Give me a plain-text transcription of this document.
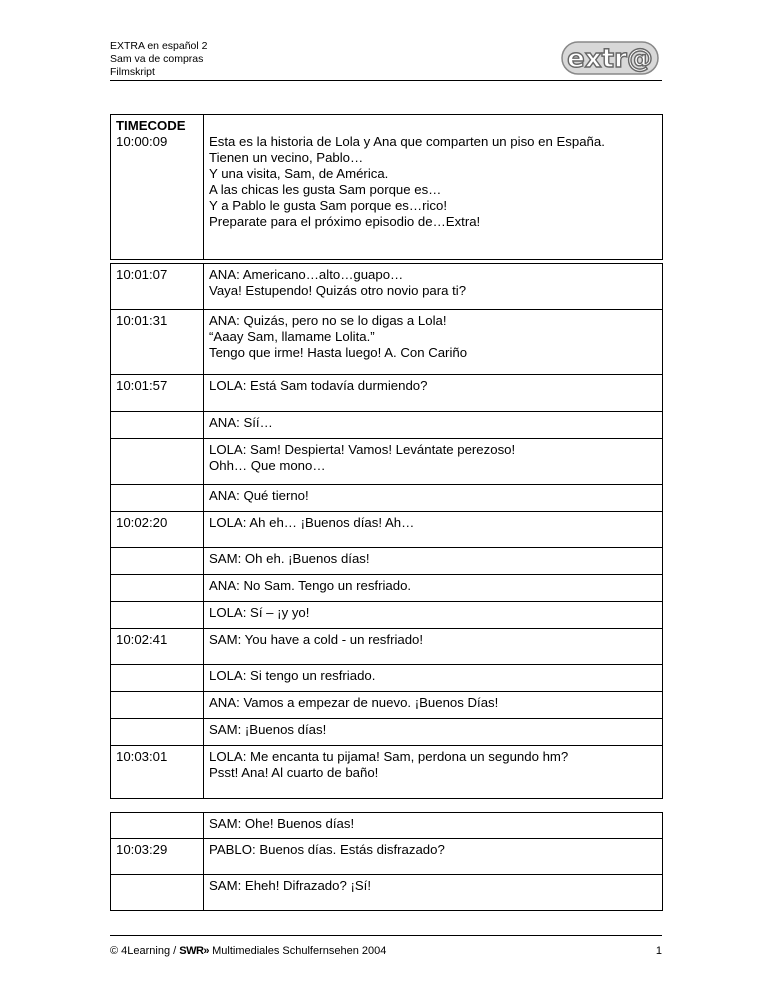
EXTRA en español 2
Sam va de compras
Filmskript	extr@
TIMECODE
10:00:09	Esta es la historia de Lola y Ana que comparten un piso en España.
Tienen un vecino, Pablo…
Y una visita, Sam, de América.
A las chicas les gusta Sam porque es…
Y a Pablo le gusta Sam porque es…rico!
Preparate para el próximo episodio de…Extra!
10:01:07	ANA: Americano…alto…guapo…
Vaya! Estupendo! Quizás otro novio para ti?

10:01:31	ANA: Quizás, pero no se lo digas a Lola!
“Aaay Sam, llamame Lolita.”
Tengo que irme! Hasta luego! A. Con Cariño

10:01:57	LOLA: Está Sam todavía durmiendo?

	ANA: Síí…

	LOLA: Sam! Despierta! Vamos! Levántate perezoso!
Ohh… Que mono…

	ANA: Qué tierno!

10:02:20	LOLA: Ah eh… ¡Buenos días! Ah…

	SAM: Oh eh. ¡Buenos días!

	ANA: No Sam. Tengo un resfriado.

	LOLA: Sí – ¡y yo!

10:02:41	SAM: You have a cold - un resfriado!

	LOLA: Si tengo un resfriado.

	ANA: Vamos a empezar de nuevo. ¡Buenos Días!

	SAM: ¡Buenos días!

10:03:01	LOLA: Me encanta tu pijama! Sam, perdona un segundo hm?
Psst! Ana! Al cuarto de baño!

	SAM: Ohe! Buenos días!

10:03:29	PABLO: Buenos días. Estás disfrazado?

	SAM: Eheh! Difrazado? ¡Sí!
© 4Learning / SWR» Multimediales Schulfernsehen 2004	1
